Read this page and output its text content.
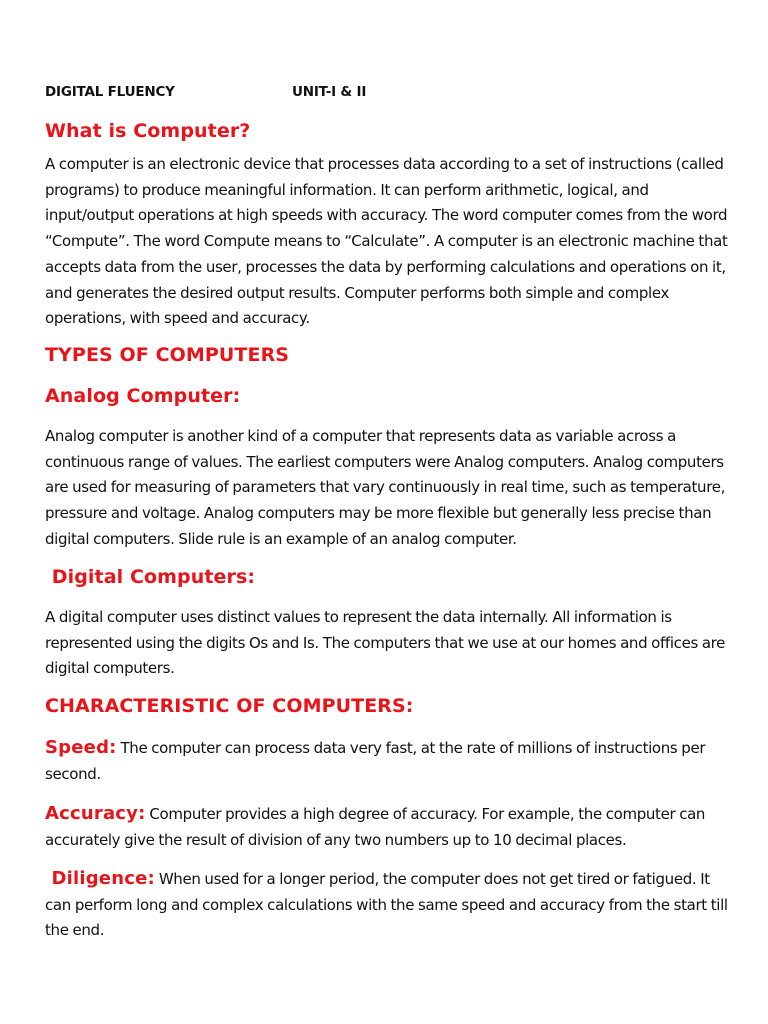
DIGITAL FLUENCY	UNIT-I & II
What is Computer?
A computer is an electronic device that processes data according to a set of instructions (called programs) to produce meaningful information. It can perform arithmetic, logical, and input/output operations at high speeds with accuracy. The word computer comes from the word “Compute”. The word Compute means to “Calculate”. A computer is an electronic machine that accepts data from the user, processes the data by performing calculations and operations on it, and generates the desired output results. Computer performs both simple and complex operations, with speed and accuracy.
TYPES OF COMPUTERS
Analog Computer:
Analog computer is another kind of a computer that represents data as variable across a continuous range of values. The earliest computers were Analog computers. Analog computers are used for measuring of parameters that vary continuously in real time, such as temperature, pressure and voltage. Analog computers may be more flexible but generally less precise than digital computers. Slide rule is an example of an analog computer.
Digital Computers:
A digital computer uses distinct values to represent the data internally. All information is represented using the digits Os and Is. The computers that we use at our homes and offices are digital computers.
CHARACTERISTIC OF COMPUTERS:
Speed: The computer can process data very fast, at the rate of millions of instructions per second.
Accuracy: Computer provides a high degree of accuracy. For example, the computer can accurately give the result of division of any two numbers up to 10 decimal places.
Diligence: When used for a longer period, the computer does not get tired or fatigued. It can perform long and complex calculations with the same speed and accuracy from the start till the end.
